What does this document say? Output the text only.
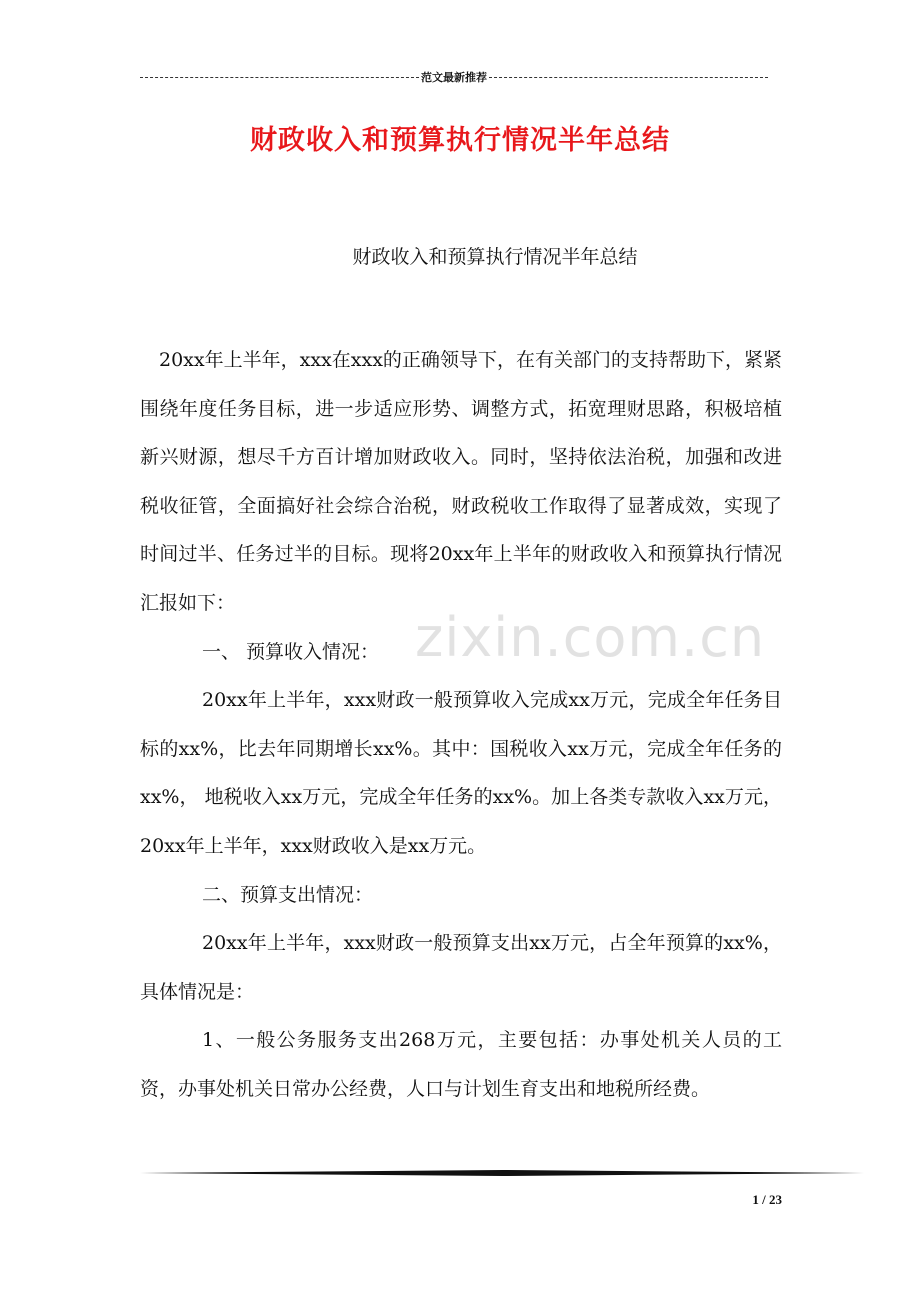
范文最新推荐
财政收入和预算执行情况半年总结
财政收入和预算执行情况半年总结

20xx年上半年，xxx在xxx的正确领导下，在有关部门的支持帮助下，紧紧围绕年度任务目标，进一步适应形势、调整方式，拓宽理财思路，积极培植新兴财源，想尽千方百计增加财政收入。同时，坚持依法治税，加强和改进税收征管，全面搞好社会综合治税，财政税收工作取得了显著成效，实现了时间过半、任务过半的目标。现将20xx年上半年的财政收入和预算执行情况汇报如下：

一、 预算收入情况：

20xx年上半年，xxx财政一般预算收入完成xx万元，完成全年任务目标的xx%，比去年同期增长xx%。其中：国税收入xx万元，完成全年任务的xx%， 地税收入xx万元，完成全年任务的xx%。加上各类专款收入xx万元，20xx年上半年，xxx财政收入是xx万元。

二、预算支出情况：

20xx年上半年，xxx财政一般预算支出xx万元，占全年预算的xx%，具体情况是：

1、一般公务服务支出268万元，主要包括：办事处机关人员的工资，办事处机关日常办公经费，人口与计划生育支出和地税所经费。

zixin.com.cn
1 / 23
